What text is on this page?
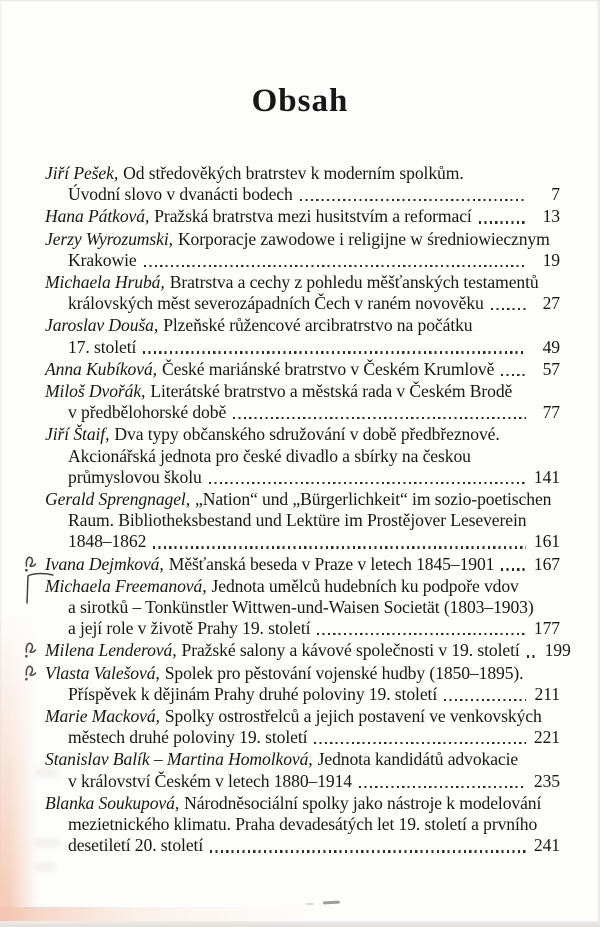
Obsah
Jiří Pešek, Od středověkých bratrstev k moderním spolkům.
Úvodní slovo v dvanácti bodech	7
Hana Pátková, Pražská bratrstva mezi husitstvím a reformací	13
Jerzy Wyrozumski, Korporacje zawodowe i religijne w średniowiecznym
Krakowie	19
Michaela Hrubá, Bratrstva a cechy z pohledu měšťanských testamentů
královských měst severozápadních Čech v raném novověku	27
Jaroslav Douša, Plzeňské růžencové arcibratrstvo na počátku
17. století	49
Anna Kubíková, České mariánské bratrstvo v Českém Krumlově	57
Miloš Dvořák, Literátské bratrstvo a městská rada v Českém Brodě
v předbělohorské době	77
Jiří Štaif, Dva typy občanského sdružování v době předbřeznové.
Akcionářská jednota pro české divadlo a sbírky na českou
průmyslovou školu	141
Gerald Sprengnagel, „Nation“ und „Bürgerlichkeit“ im sozio-poetischen
Raum. Bibliotheksbestand und Lektüre im Prostějover Leseverein
1848–1862	161
Ivana Dejmková, Měšťanská beseda v Praze v letech 1845–1901 167
Michaela Freemanová, Jednota umělců hudebních ku podpoře vdov
a sirotků – Tonkünstler Wittwen-und-Waisen Societät (1803–1903)
a její role v životě Prahy 19. století	177
Milena Lenderová, Pražské salony a kávové společnosti v 19. století 199
Vlasta Valešová, Spolek pro pěstování vojenské hudby (1850–1895).
Příspěvek k dějinám Prahy druhé poloviny 19. století	211
Marie Macková, Spolky ostrostřelců a jejich postavení ve venkovských
městech druhé poloviny 19. století	221
Stanislav Balík – Martina Homolková, Jednota kandidátů advokacie
v království Českém v letech 1880–1914	235
Blanka Soukupová, Národněsociální spolky jako nástroje k modelování
mezietnického klimatu. Praha devadesátých let 19. století a prvního
desetiletí 20. století	241
